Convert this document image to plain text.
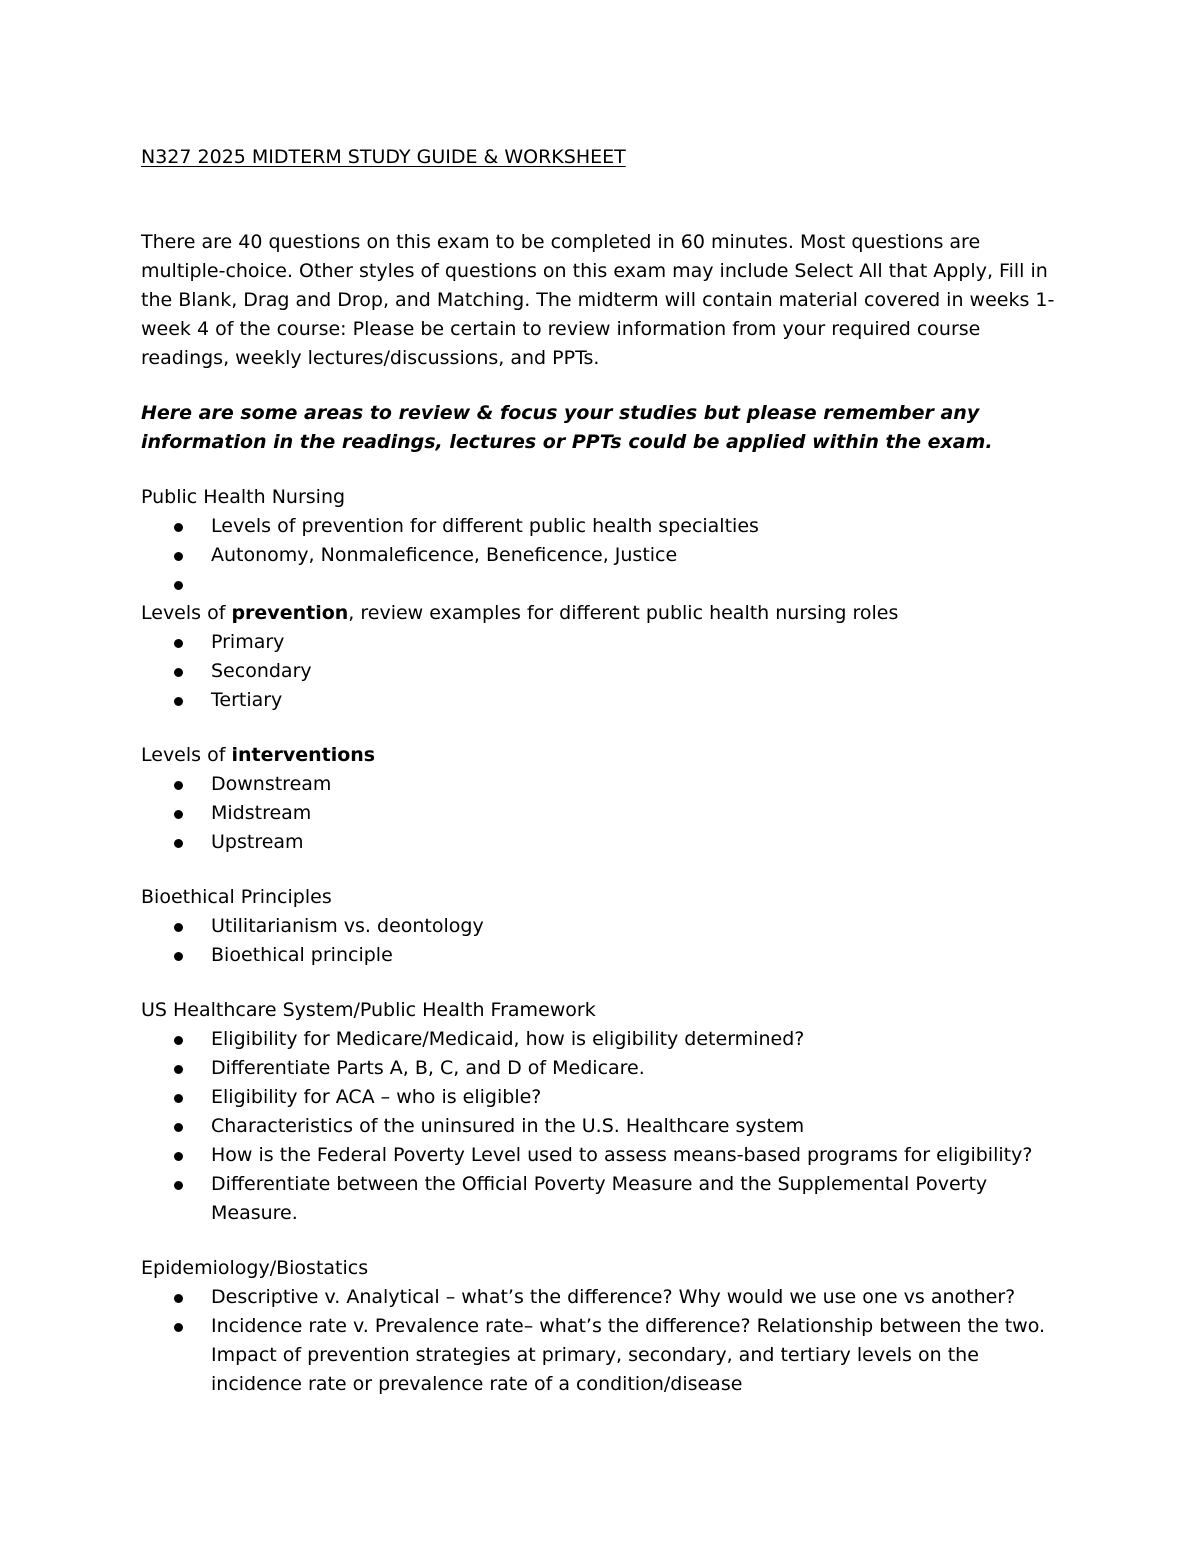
N327 2025 MIDTERM STUDY GUIDE & WORKSHEET

There are 40 questions on this exam to be completed in 60 minutes. Most questions are multiple-choice. Other styles of questions on this exam may include Select All that Apply, Fill in the Blank, Drag and Drop, and Matching. The midterm will contain material covered in weeks 1-week 4 of the course: Please be certain to review information from your required course readings, weekly lectures/discussions, and PPTs.

Here are some areas to review & focus your studies but please remember any information in the readings, lectures or PPTs could be applied within the exam.

Public Health Nursing
Levels of prevention for different public health specialties
Autonomy, Nonmaleficence, Beneficence, Justice
Levels of prevention, review examples for different public health nursing roles
Primary
Secondary
Tertiary
Levels of interventions
Downstream
Midstream
Upstream
Bioethical Principles
Utilitarianism vs. deontology
Bioethical principle
US Healthcare System/Public Health Framework
Eligibility for Medicare/Medicaid, how is eligibility determined?
Differentiate Parts A, B, C, and D of Medicare.
Eligibility for ACA – who is eligible?
Characteristics of the uninsured in the U.S. Healthcare system
How is the Federal Poverty Level used to assess means-based programs for eligibility?
Differentiate between the Official Poverty Measure and the Supplemental Poverty Measure.
Epidemiology/Biostatics
Descriptive v. Analytical – what’s the difference? Why would we use one vs another?
Incidence rate v. Prevalence rate– what’s the difference? Relationship between the two. Impact of prevention strategies at primary, secondary, and tertiary levels on the incidence rate or prevalence rate of a condition/disease
